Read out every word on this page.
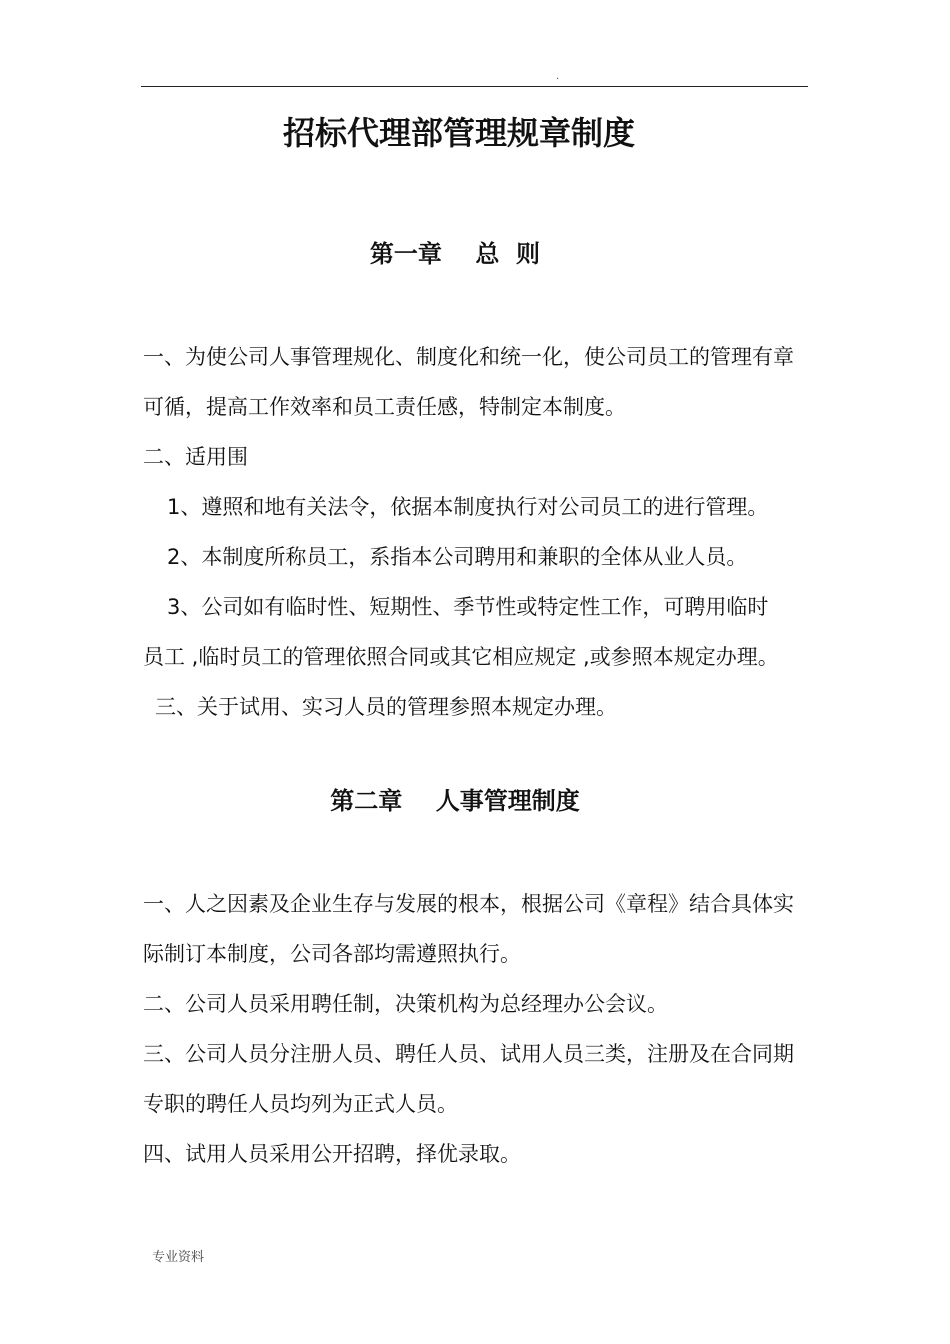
.
招标代理部管理规章制度
第一章    总  则

一、为使公司人事管理规化、制度化和统一化，使公司员工的管理有章可循，提高工作效率和员工责任感，特制定本制度。

二、适用围

1、遵照和地有关法令，依据本制度执行对公司员工的进行管理。

2、本制度所称员工，系指本公司聘用和兼职的全体从业人员。

3、公司如有临时性、短期性、季节性或特定性工作，可聘用临时

员工 ,临时员工的管理依照合同或其它相应规定 ,或参照本规定办理。

三、关于试用、实习人员的管理参照本规定办理。

第二章    人事管理制度

一、人之因素及企业生存与发展的根本，根据公司《章程》结合具体实际制订本制度，公司各部均需遵照执行。

二、公司人员采用聘任制，决策机构为总经理办公会议。

三、公司人员分注册人员、聘任人员、试用人员三类，注册及在合同期专职的聘任人员均列为正式人员。

四、试用人员采用公开招聘，择优录取。

专业资料
